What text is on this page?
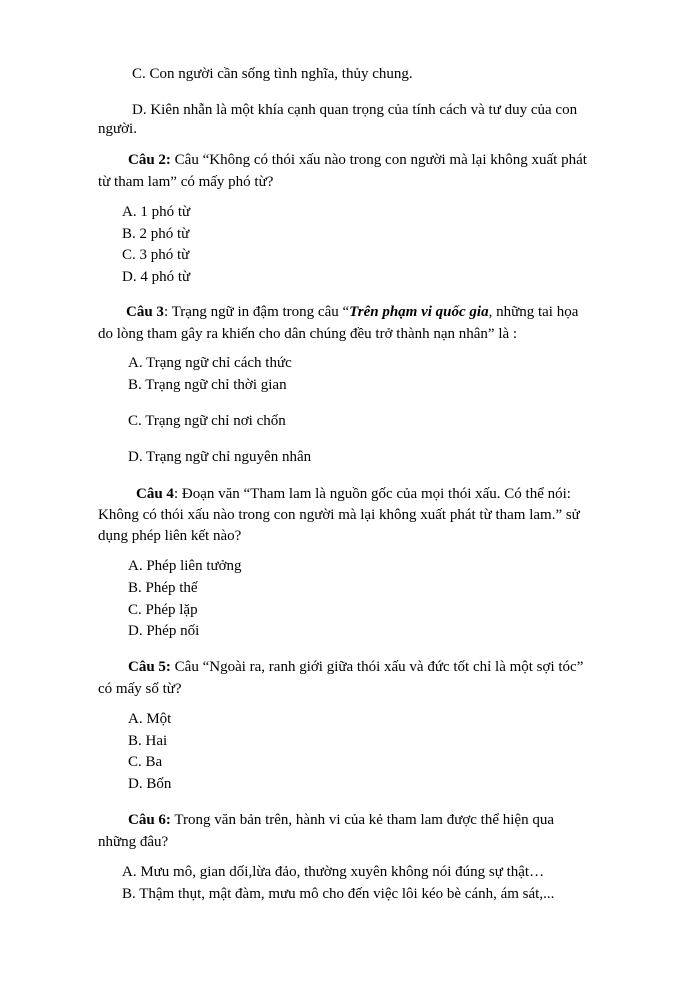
C. Con người cần sống tình nghĩa, thủy chung.
D. Kiên nhẫn là một khía cạnh quan trọng của tính cách và tư duy của con
người.
Câu 2: Câu “Không có thói xấu nào trong con người mà lại không xuất phát
từ tham lam” có mấy phó từ?
A. 1 phó từ
B. 2 phó từ
C. 3 phó từ
D. 4 phó từ
Câu 3: Trạng ngữ in đậm trong câu “Trên phạm vi quốc gia, những tai họa
do lòng tham gây ra khiến cho dân chúng đều trở thành nạn nhân” là :
A. Trạng ngữ chỉ cách thức
B. Trạng ngữ chỉ thời gian
C. Trạng ngữ chỉ nơi chốn
D. Trạng ngữ chỉ nguyên nhân
Câu 4: Đoạn văn “Tham lam là nguồn gốc của mọi thói xấu. Có thể nói:
Không có thói xấu nào trong con người mà lại không xuất phát từ tham lam.” sử
dụng phép liên kết nào?
A. Phép liên tưởng
B. Phép thế
C. Phép lặp
D. Phép nối
Câu 5: Câu “Ngoài ra, ranh giới giữa thói xấu và đức tốt chỉ là một sợi tóc”
có mấy số từ?
A. Một
B. Hai
C. Ba
D. Bốn
Câu 6: Trong văn bản trên, hành vi của kẻ tham lam được thể hiện qua
những đâu?
A. Mưu mô, gian dối,lừa đảo, thường xuyên không nói đúng sự thật…
B. Thậm thụt, mật đàm, mưu mô cho đến việc lôi kéo bè cánh, ám sát,...
